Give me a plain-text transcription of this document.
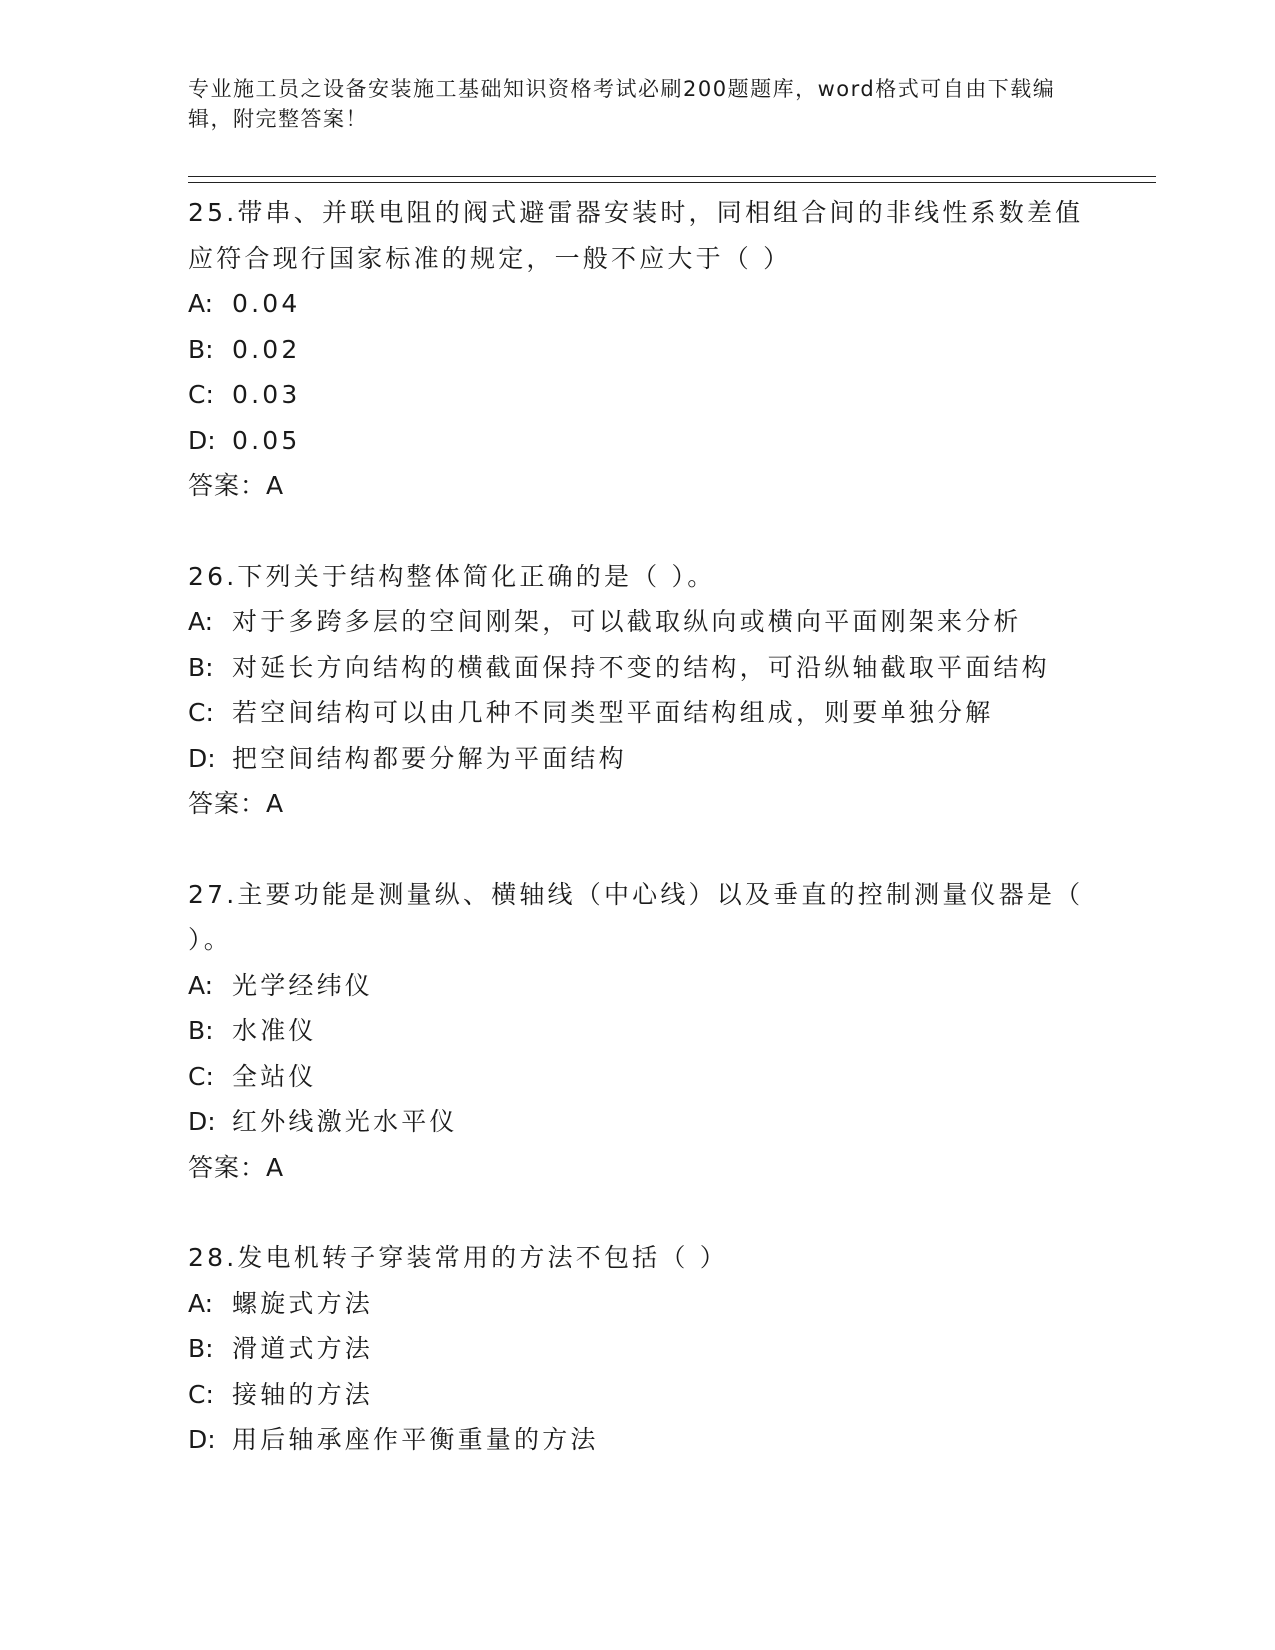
专业施工员之设备安装施工基础知识资格考试必刷200题题库，word格式可自由下载编辑，附完整答案！

25.带串、并联电阻的阀式避雷器安装时，同相组合间的非线性系数差值应符合现行国家标准的规定，一般不应大于（ ）

A: 0.04

B: 0.02

C: 0.03

D: 0.05

答案：A

26.下列关于结构整体简化正确的是（ ）。

A: 对于多跨多层的空间刚架，可以截取纵向或横向平面刚架来分析

B: 对延长方向结构的横截面保持不变的结构，可沿纵轴截取平面结构

C: 若空间结构可以由几种不同类型平面结构组成，则要单独分解

D: 把空间结构都要分解为平面结构

答案：A

27.主要功能是测量纵、横轴线（中心线）以及垂直的控制测量仪器是（ ）。

A: 光学经纬仪

B: 水准仪

C: 全站仪

D: 红外线激光水平仪

答案：A

28.发电机转子穿装常用的方法不包括（ ）

A: 螺旋式方法

B: 滑道式方法

C: 接轴的方法

D: 用后轴承座作平衡重量的方法
